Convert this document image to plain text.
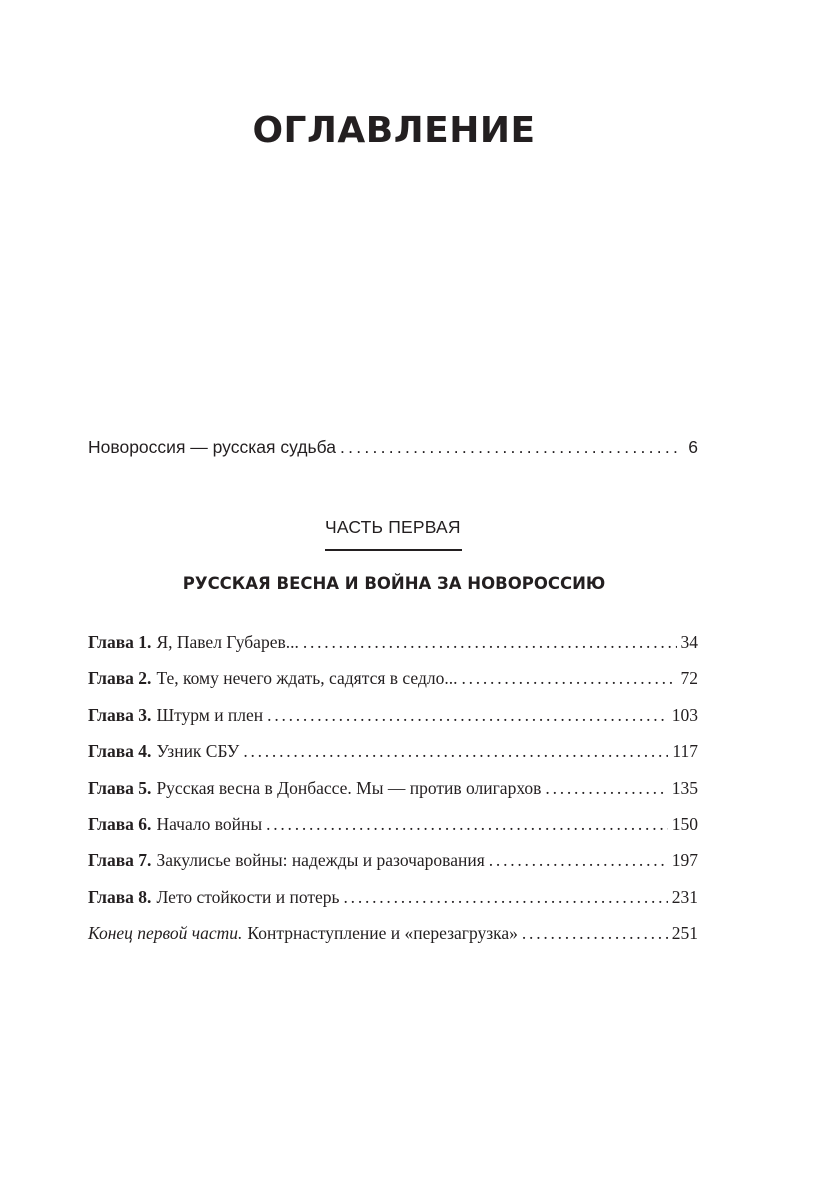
ОГЛАВЛЕНИЕ
Новороссия — русская судьба . . .	6
ЧАСТЬ ПЕРВАЯ
РУССКАЯ ВЕСНА И ВОЙНА ЗА НОВОРОССИЮ
Глава 1. Я, Павел Губарев... . . .	34
Глава 2. Те, кому нечего ждать, садятся в седло... . . .	72
Глава 3. Штурм и плен . . .	103
Глава 4. Узник СБУ . . .	117
Глава 5. Русская весна в Донбассе. Мы — против олигархов . . .	135
Глава 6. Начало войны . . .	150
Глава 7. Закулисье войны: надежды и разочарования . . .	197
Глава 8. Лето стойкости и потерь . . .	231
Конец первой части. Контрнаступление и «перезагрузка» . . .	251
